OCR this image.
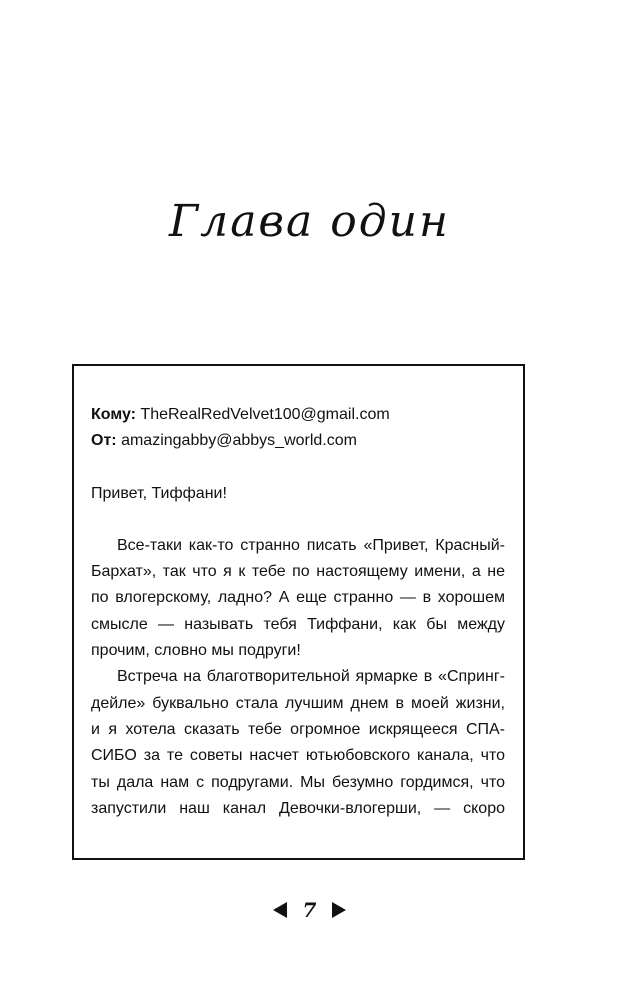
Глава один
Кому: TheRealRedVelvet100@gmail.com
От: amazingabby@abbys_world.com
Привет, Тиффани!
Все-таки как-то странно писать «Привет, Красный-
Бархат», так что я к тебе по настоящему имени, а не
по влогерскому, ладно? А еще странно — в хорошем
смысле — называть тебя Тиффани, как бы между
прочим, словно мы подруги!
Встреча на благотворительной ярмарке в «Спринг-
дейле» буквально стала лучшим днем в моей жизни,
и я хотела сказать тебе огромное искрящееся СПА-
СИБО за те советы насчет ютьюбовского канала, что
ты дала нам с подругами. Мы безумно гордимся, что
запустили наш канал Девочки-влогерши, — скоро
7
